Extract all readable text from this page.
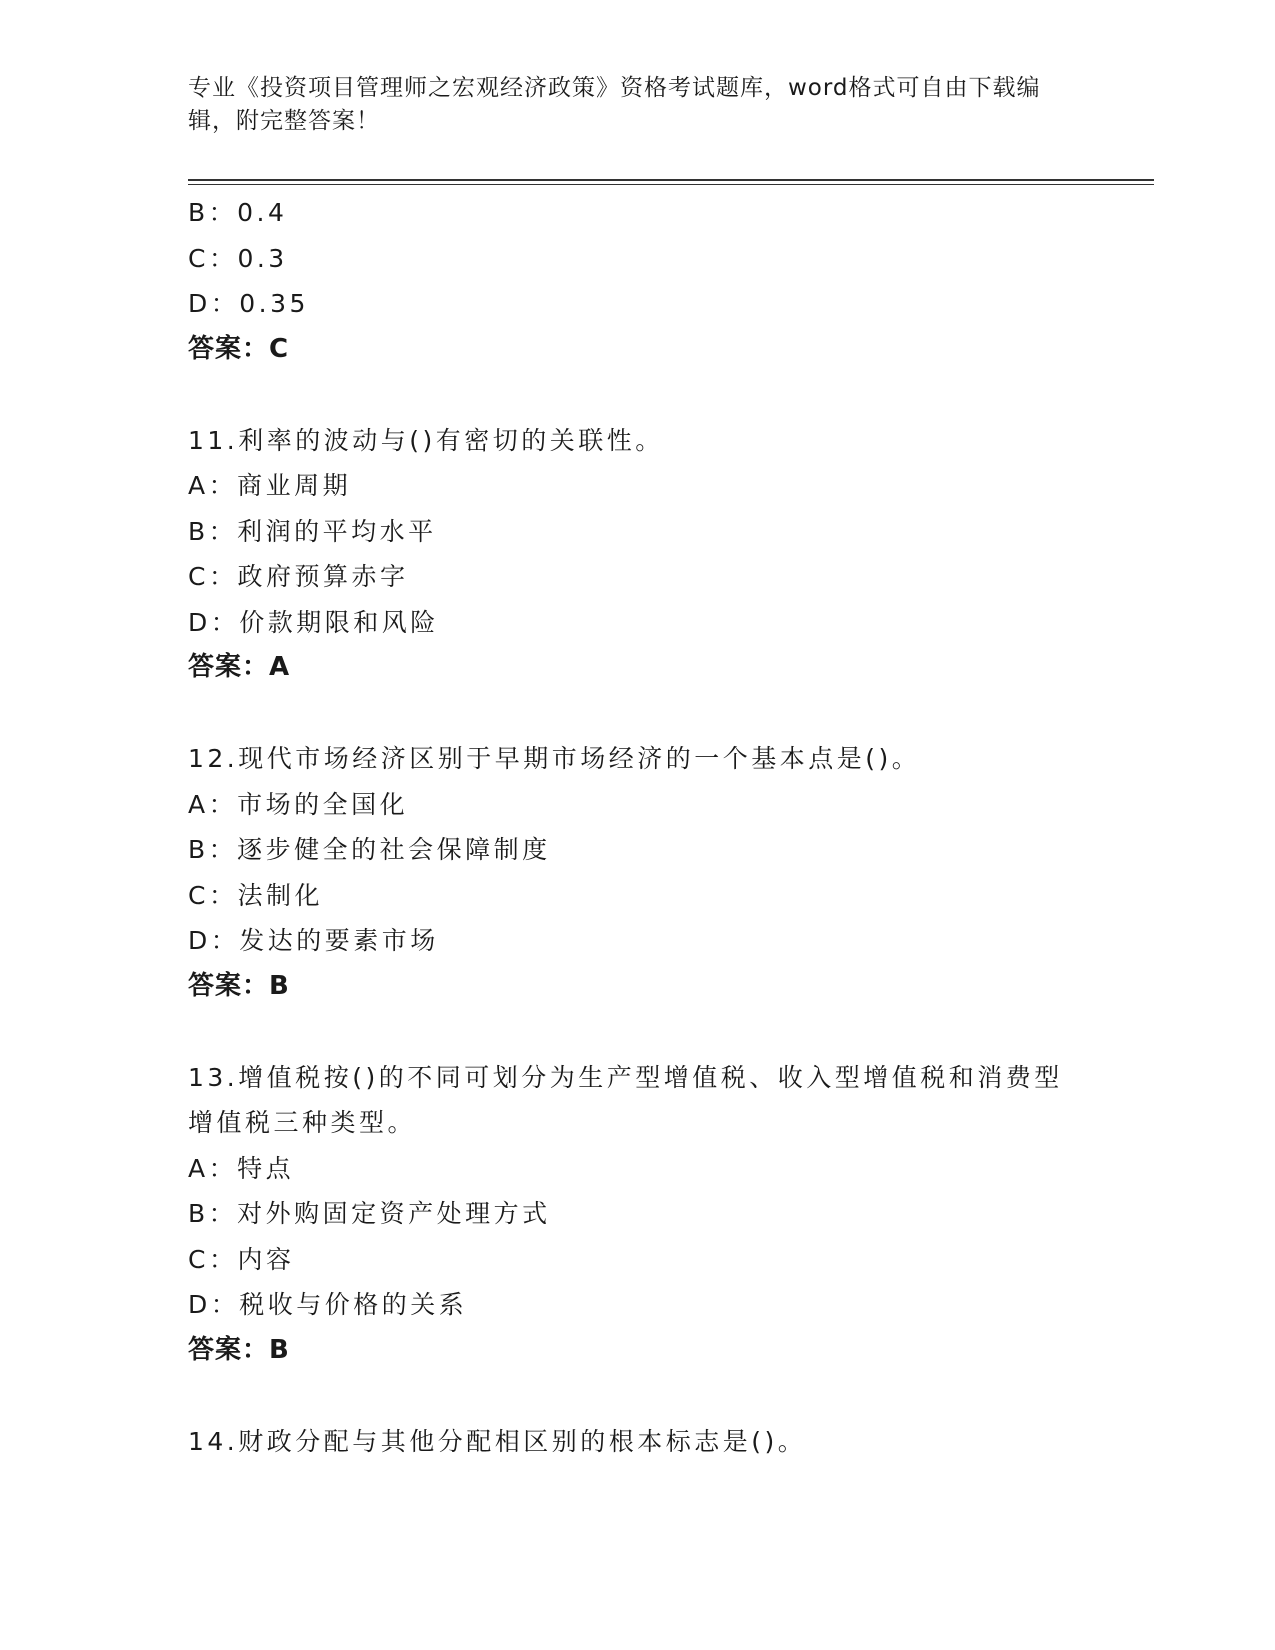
专业《投资项目管理师之宏观经济政策》资格考试题库，word格式可自由下载编辑，附完整答案！
B：0.4
C：0.3
D：0.35
答案：C
11.利率的波动与()有密切的关联性。
A：商业周期
B：利润的平均水平
C：政府预算赤字
D：价款期限和风险
答案：A
12.现代市场经济区别于早期市场经济的一个基本点是()。
A：市场的全国化
B：逐步健全的社会保障制度
C：法制化
D：发达的要素市场
答案：B
13.增值税按()的不同可划分为生产型增值税、收入型增值税和消费型增值税三种类型。
A：特点
B：对外购固定资产处理方式
C：内容
D：税收与价格的关系
答案：B
14.财政分配与其他分配相区别的根本标志是()。
